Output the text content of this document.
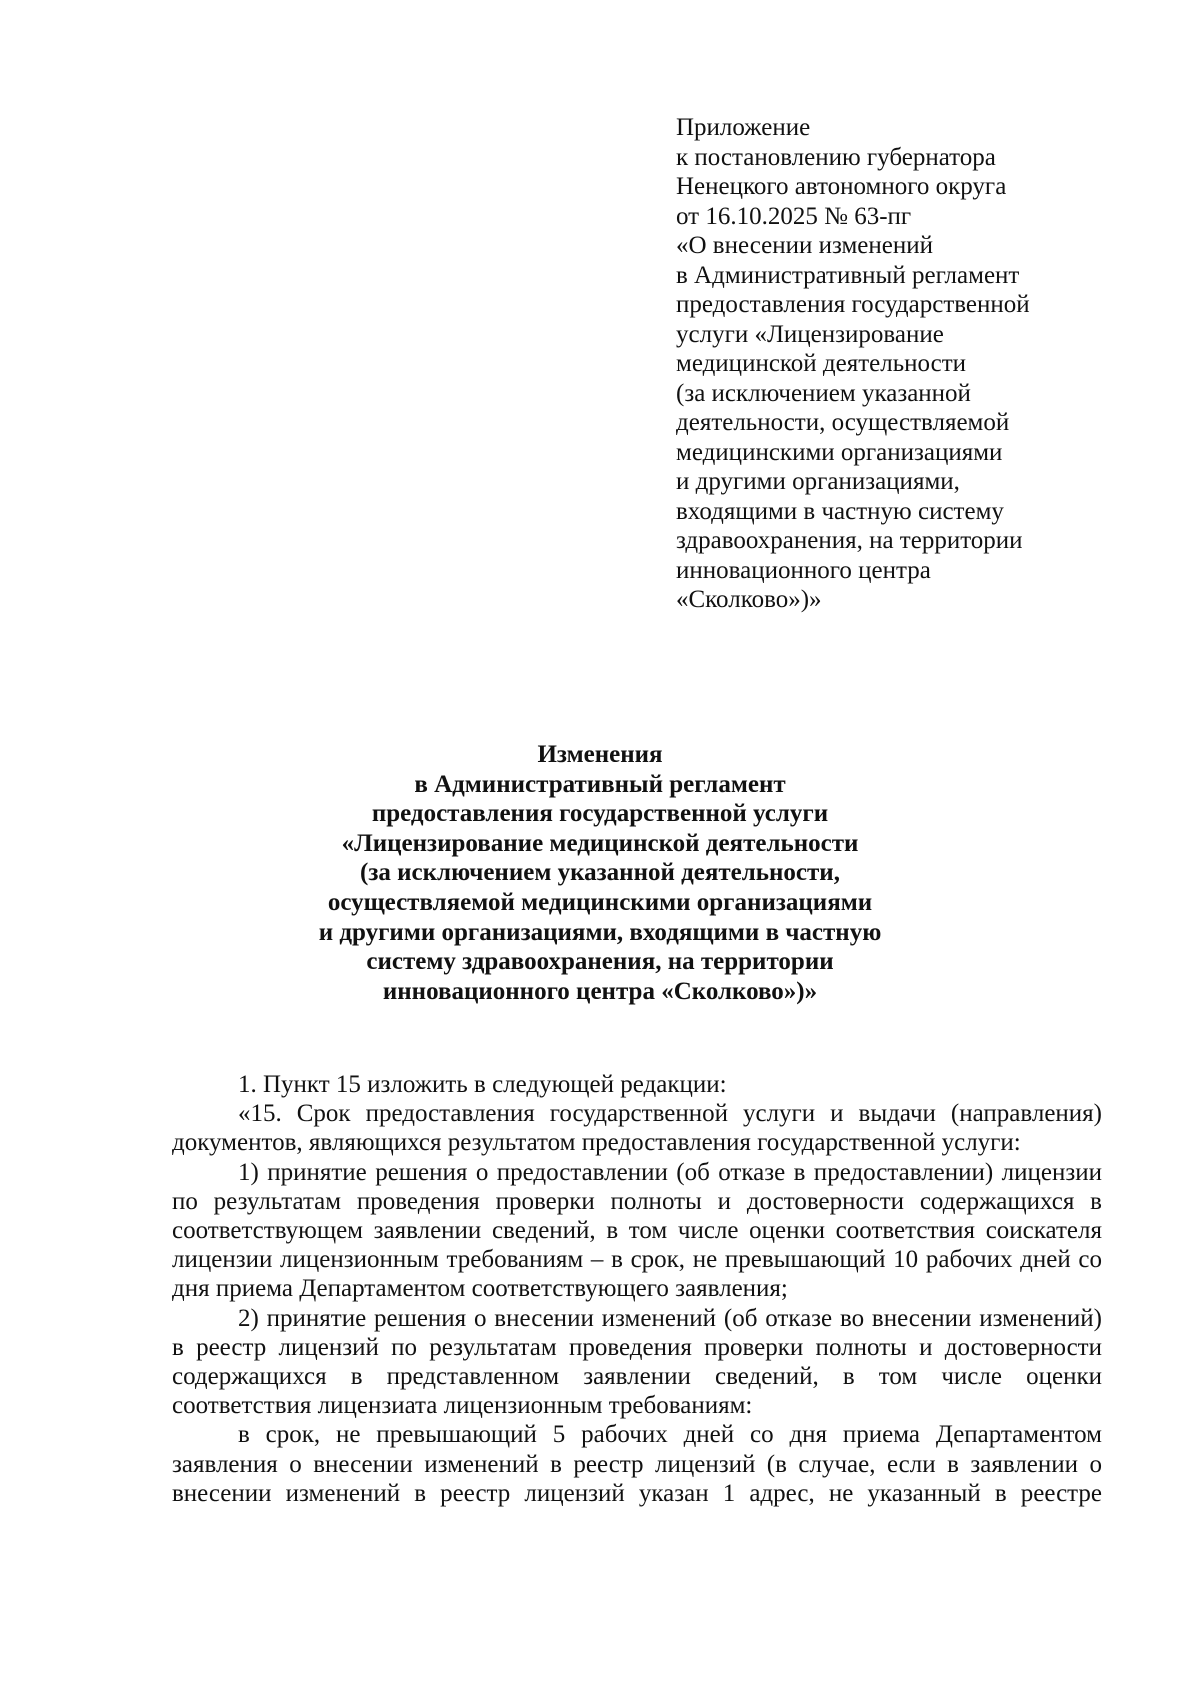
Приложение
к постановлению губернатора
Ненецкого автономного округа
от 16.10.2025 № 63-пг
«О внесении изменений
в Административный регламент
предоставления государственной
услуги «Лицензирование
медицинской деятельности
(за исключением указанной
деятельности, осуществляемой
медицинскими организациями
и другими организациями,
входящими в частную систему
здравоохранения, на территории
инновационного центра
«Сколково»)»
Изменения
в Административный регламент
предоставления государственной услуги
«Лицензирование медицинской деятельности
(за исключением указанной деятельности,
осуществляемой медицинскими организациями
и другими организациями, входящими в частную
систему здравоохранения, на территории
инновационного центра «Сколково»)»

1. Пункт 15 изложить в следующей редакции:

«15. Срок предоставления государственной услуги и выдачи (направления) документов, являющихся результатом предоставления государственной услуги:

1) принятие решения о предоставлении (об отказе в предоставлении) лицензии по результатам проведения проверки полноты и достоверности содержащихся в соответствующем заявлении сведений, в том числе оценки соответствия соискателя лицензии лицензионным требованиям – в срок, не превышающий 10 рабочих дней со дня приема Департаментом соответствующего заявления;

2) принятие решения о внесении изменений (об отказе во внесении изменений) в реестр лицензий по результатам проведения проверки полноты и достоверности содержащихся в представленном заявлении сведений, в том числе оценки соответствия лицензиата лицензионным требованиям:

в срок, не превышающий 5 рабочих дней со дня приема Департаментом заявления о внесении изменений в реестр лицензий (в случае, если в заявлении о внесении изменений в реестр лицензий указан 1 адрес, не указанный в реестре
